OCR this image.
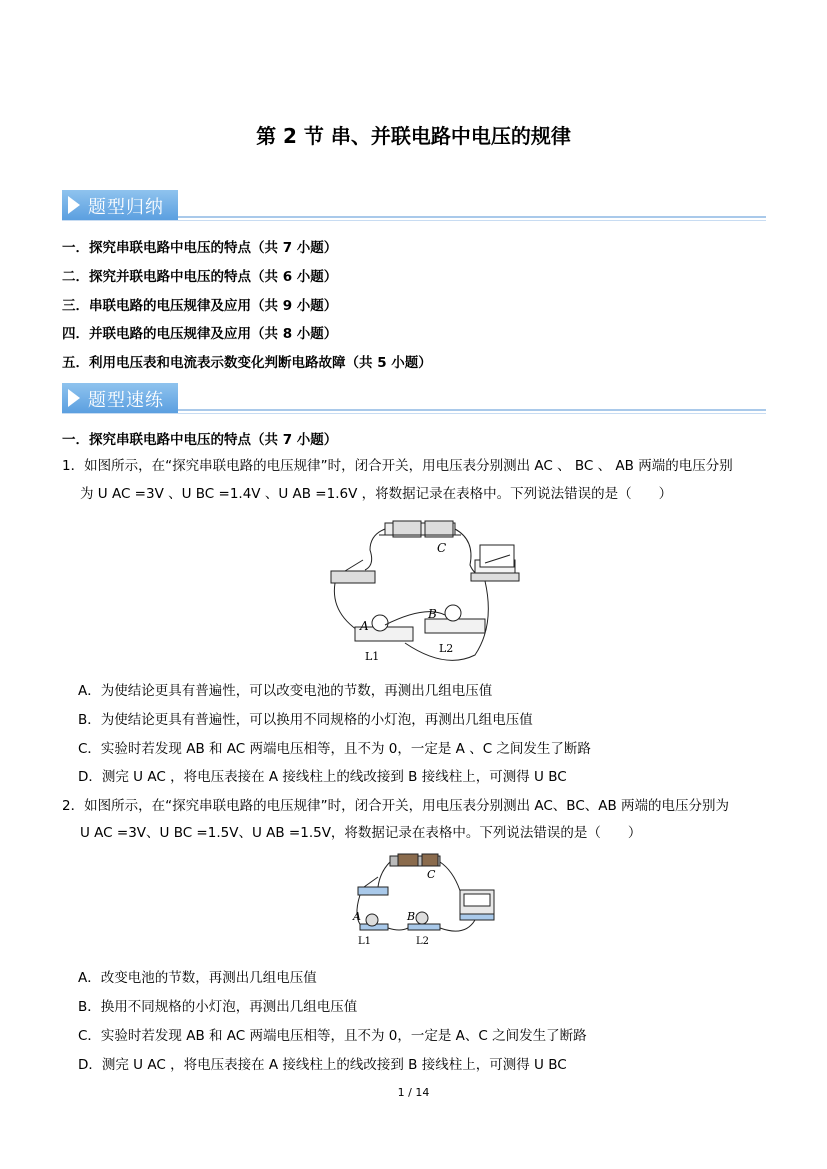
第 2 节 串、并联电路中电压的规律
题型归纳
一．探究串联电路中电压的特点（共 7 小题）
二．探究并联电路中电压的特点（共 6 小题）
三．串联电路的电压规律及应用（共 9 小题）
四．并联电路的电压规律及应用（共 8 小题）
五．利用电压表和电流表示数变化判断电路故障（共 5 小题）
题型速练
一．探究串联电路中电压的特点（共 7 小题）
1．如图所示，在“探究串联电路的电压规律”时，闭合开关，用电压表分别测出 AC 、 BC 、 AB 两端的电压分别
为 U AC =3V 、U BC =1.4V 、U AB =1.6V ，将数据记录在表格中。下列说法错误的是（　　）
C
A
B
L1
L2
A．为使结论更具有普遍性，可以改变电池的节数，再测出几组电压值
B．为使结论更具有普遍性，可以换用不同规格的小灯泡，再测出几组电压值
C．实验时若发现 AB 和 AC 两端电压相等，且不为 0，一定是 A 、C 之间发生了断路
D．测完 U AC ，将电压表接在 A 接线柱上的线改接到 B 接线柱上，可测得 U BC
2．如图所示，在“探究串联电路的电压规律”时，闭合开关，用电压表分别测出 AC、BC、AB 两端的电压分别为
U AC =3V、U BC =1.5V、U AB =1.5V，将数据记录在表格中。下列说法错误的是（　　）
C
A	B
L1	L2
A．改变电池的节数，再测出几组电压值
B．换用不同规格的小灯泡，再测出几组电压值
C．实验时若发现 AB 和 AC 两端电压相等，且不为 0，一定是 A、C 之间发生了断路
D．测完 U AC ，将电压表接在 A 接线柱上的线改接到 B 接线柱上，可测得 U BC
1 / 14
